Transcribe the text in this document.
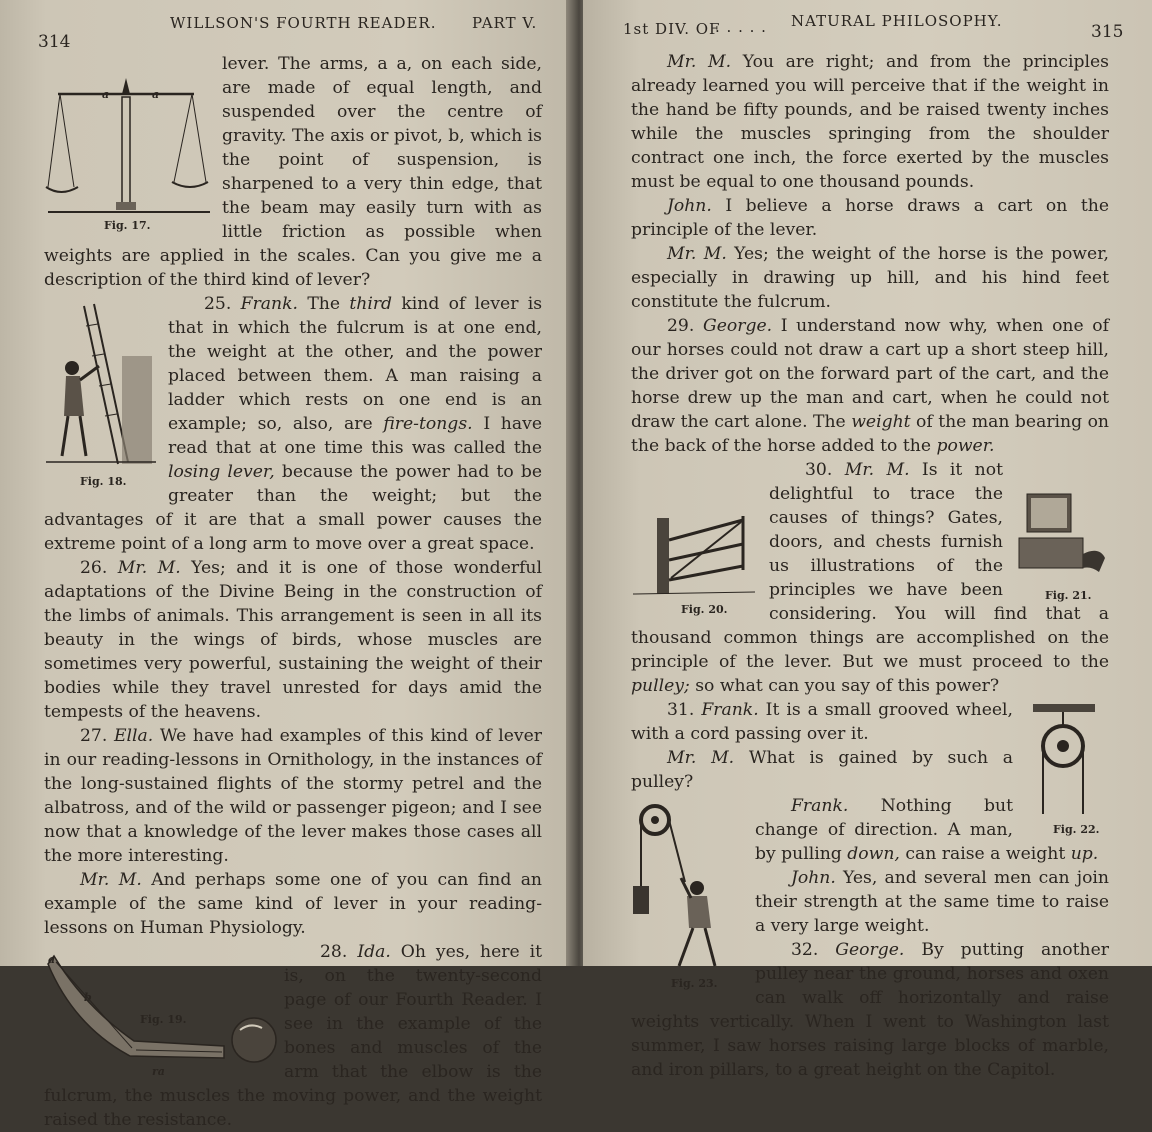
314
WILLSON'S FOURTH READER. PART V.
a	a
Fig. 17.

lever. The arms, a a, on each side, are made of equal length, and suspended over the centre of gravity. The axis or pivot, b, which is the point of suspension, is sharpened to a very thin edge, that the beam may easily turn with as little friction as possible when weights are applied in the scales. Can you give me a description of the third kind of lever?

Fig. 18.

25. Frank. The third kind of lever is that in which the fulcrum is at one end, the weight at the other, and the power placed between them. A man raising a ladder which rests on one end is an example; so, also, are fire-tongs. I have read that at one time this was called the losing lever, because the power had to be greater than the weight; but the advantages of it are that a small power causes the extreme point of a long arm to move over a great space.

26. Mr. M. Yes; and it is one of those wonderful adaptations of the Divine Being in the construction of the limbs of animals. This arrangement is seen in all its beauty in the wings of birds, whose muscles are sometimes very powerful, sustaining the weight of their bodies while they travel unrested for days amid the tempests of the heavens.

27. Ella. We have had examples of this kind of lever in our reading-lessons in Ornithology, in the instances of the long-sustained flights of the stormy petrel and the albatross, and of the wild or passenger pigeon; and I see now that a knowledge of the lever makes those cases all the more interesting.

Mr. M. And perhaps some one of you can find an example of the same kind of lever in your reading-lessons on Human Physiology.

a
b
ra
Fig. 19.

28. Ida. Oh yes, here it is, on the twenty-second page of our Fourth Reader. I see in the example of the bones and muscles of the arm that the elbow is the fulcrum, the muscles the moving power, and the weight raised the resistance.

1st DIV. OF
. . . . . NATURAL PHILOSOPHY.
315

Mr. M. You are right; and from the principles already learned you will perceive that if the weight in the hand be fifty pounds, and be raised twenty inches while the muscles springing from the shoulder contract one inch, the force exerted by the muscles must be equal to one thousand pounds.

John. I believe a horse draws a cart on the principle of the lever.

Mr. M. Yes; the weight of the horse is the power, especially in drawing up hill, and his hind feet constitute the fulcrum.

29. George. I understand now why, when one of our horses could not draw a cart up a short steep hill, the driver got on the forward part of the cart, and the horse drew up the man and cart, when he could not draw the cart alone. The weight of the man bearing on the back of the horse added to the power.

Fig. 20.
Fig. 21.

30. Mr. M. Is it not delightful to trace the causes of things? Gates, doors, and chests furnish us illustrations of the principles we have been considering. You will find that a thousand common things are accomplished on the principle of the lever. But we must proceed to the pulley; so what can you say of this power?

Fig. 22.

31. Frank. It is a small grooved wheel, with a cord passing over it.

Mr. M. What is gained by such a pulley?

Fig. 23.

Frank. Nothing but change of direction. A man, by pulling down, can raise a weight up.

John. Yes, and several men can join their strength at the same time to raise a very large weight.

32. George. By putting another pulley near the ground, horses and oxen can walk off horizontally and raise weights vertically. When I went to Washington last summer, I saw horses raising large blocks of marble, and iron pillars, to a great height on the Capitol.
